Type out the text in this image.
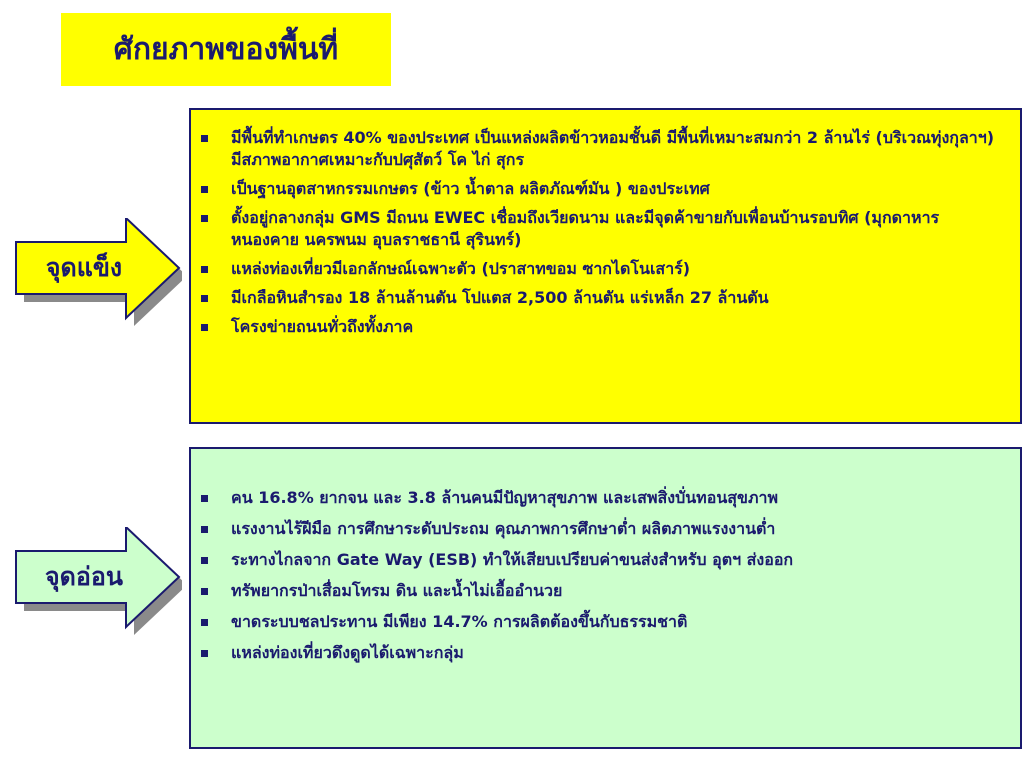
ศักยภาพของพื้นที่
จุดแข็ง
จุดอ่อน
มีพื้นที่ทำเกษตร 40% ของประเทศ เป็นแหล่งผลิตข้าวหอมชั้นดี มีพื้นที่เหมาะสมกว่า 2 ล้านไร่ (บริเวณทุ่งกุลาฯ) มีสภาพอากาศเหมาะกับปศุสัตว์ โค ไก่ สุกร
เป็นฐานอุตสาหกรรมเกษตร (ข้าว น้ำตาล ผลิตภัณฑ์มัน ) ของประเทศ
ตั้งอยู่กลางกลุ่ม GMS มีถนน EWEC เชื่อมถึงเวียดนาม และมีจุดค้าขายกับเพื่อนบ้านรอบทิศ (มุกดาหาร หนองคาย นครพนม อุบลราชธานี สุรินทร์)
แหล่งท่องเที่ยวมีเอกลักษณ์เฉพาะตัว (ปราสาทขอม ซากไดโนเสาร์)
มีเกลือหินสำรอง 18 ล้านล้านตัน โปแตส 2,500 ล้านตัน แร่เหล็ก 27 ล้านตัน
โครงข่ายถนนทั่วถึงทั้งภาค
คน 16.8% ยากจน และ 3.8 ล้านคนมีปัญหาสุขภาพ และเสพสิ่งบั่นทอนสุขภาพ
แรงงานไร้ฝีมือ การศึกษาระดับประถม คุณภาพการศึกษาต่ำ ผลิตภาพแรงงานต่ำ
ระทางไกลจาก Gate Way (ESB) ทำให้เสียบเปรียบค่าขนส่งสำหรับ อุตฯ ส่งออก
ทรัพยากรป่าเสื่อมโทรม ดิน และน้ำไม่เอื้ออำนวย
ขาดระบบชลประทาน มีเพียง 14.7% การผลิตต้องขึ้นกับธรรมชาติ
แหล่งท่องเที่ยวดึงดูดได้เฉพาะกลุ่ม
